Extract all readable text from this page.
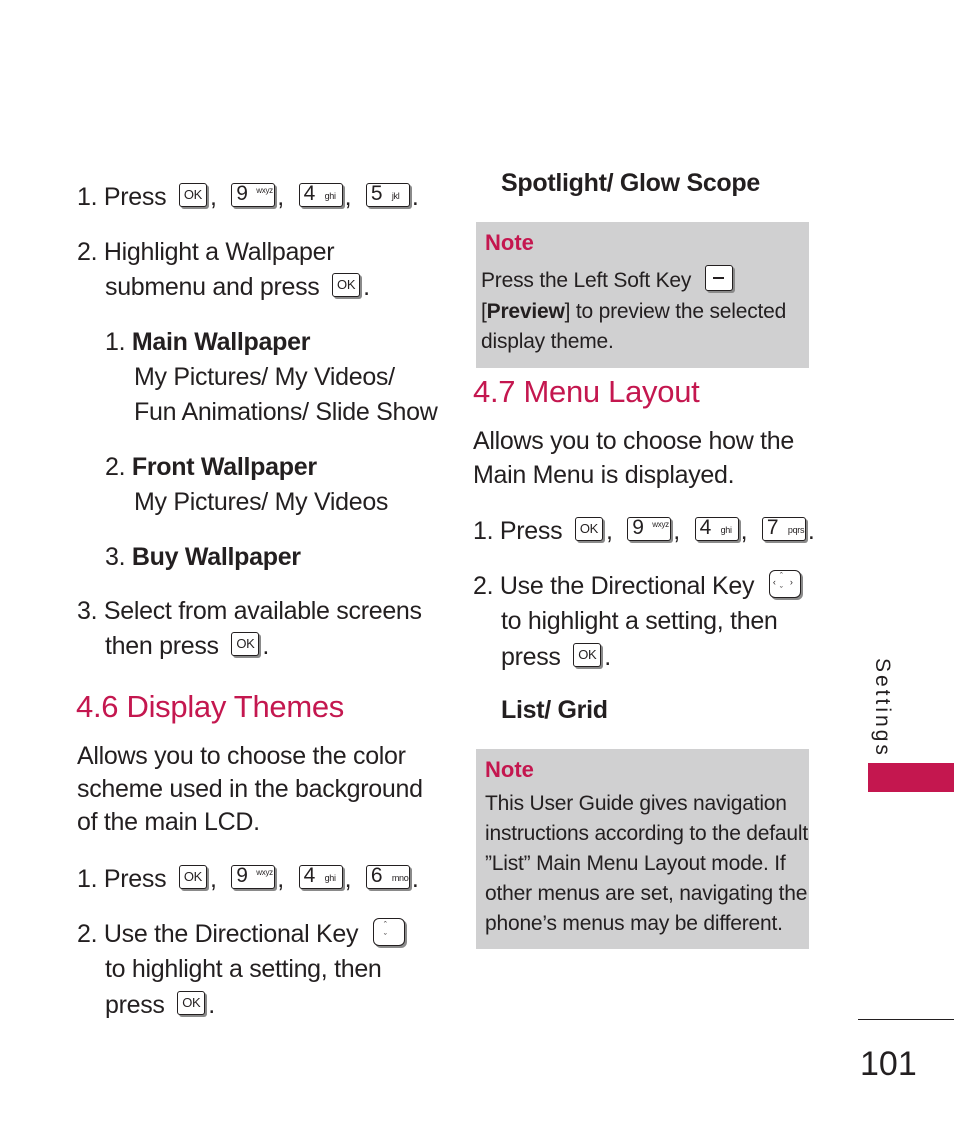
1. Press OK , 9 wxyz , 4 ghi , 5 jkl .
2. Highlight a Wallpaper
submenu and press OK .
1. Main Wallpaper
My Pictures/ My Videos/
Fun Animations/ Slide Show
2. Front Wallpaper
My Pictures/ My Videos
3. Buy Wallpaper
3. Select from available screens
then press OK .
4.6 Display Themes
Allows you to choose the color
scheme used in the background
of the main LCD.
1. Press OK , 9 wxyz , 4 ghi , 6 mno .
2. Use the Directional Key	ˆ
ˇ
to highlight a setting, then
press OK .
Spotlight/ Glow Scope
Note
Press the Left Soft Key
[Preview] to preview the selected
display theme.
4.7 Menu Layout
Allows you to choose how the
Main Menu is displayed.
1. Press OK , 9 wxyz , 4 ghi , 7 pqrs .
2. Use the Directional Key	ˆ
ˇ
‹ ›
to highlight a setting, then
press OK .
List/ Grid
Note
This User Guide gives navigation
instructions according to the default
”List” Main Menu Layout mode. If
other menus are set, navigating the
phone’s menus may be different.
Settings
101
